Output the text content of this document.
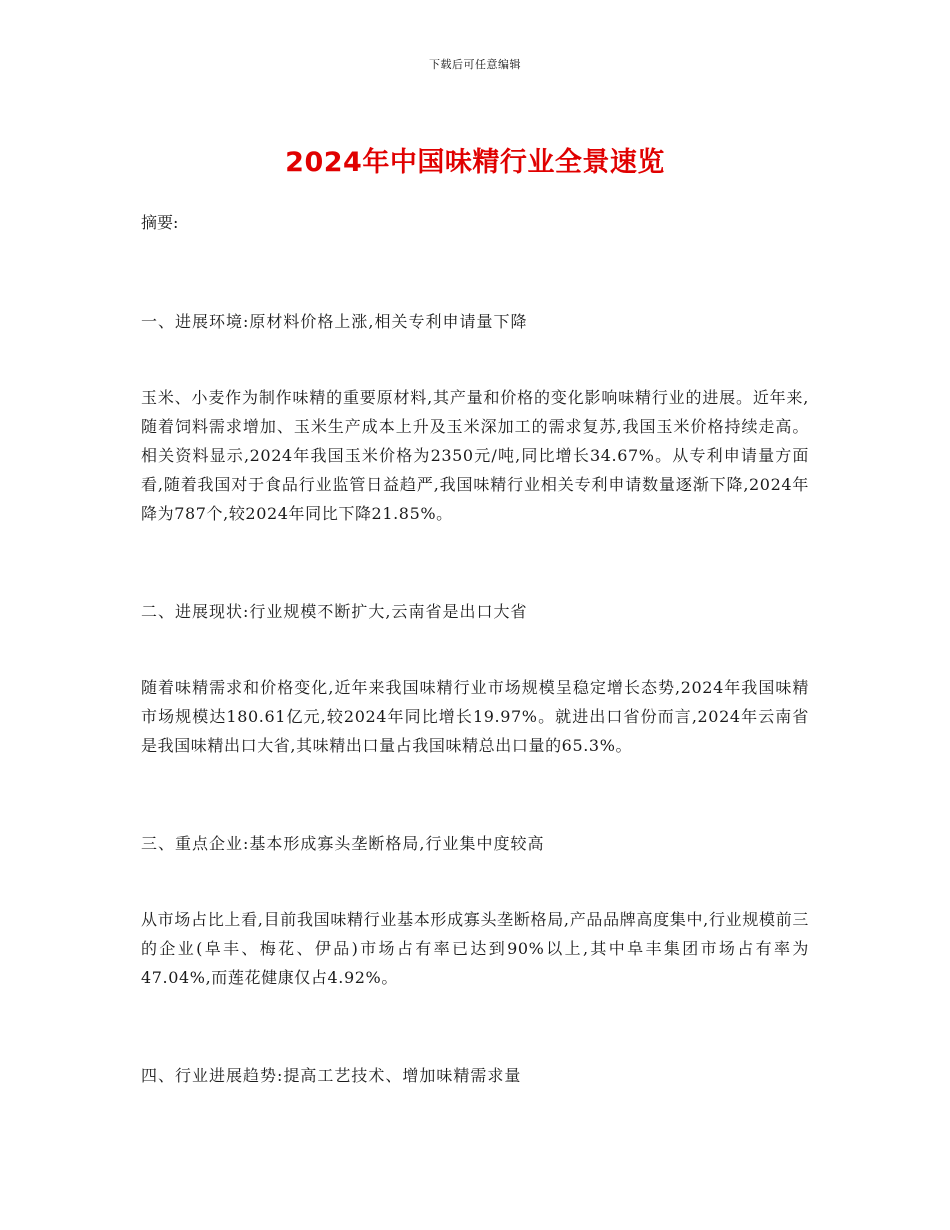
下载后可任意编辑
2024年中国味精行业全景速览

摘要:

一、进展环境:原材料价格上涨,相关专利申请量下降

玉米、小麦作为制作味精的重要原材料,其产量和价格的变化影响味精行业的进展。近年来,随着饲料需求增加、玉米生产成本上升及玉米深加工的需求复苏,我国玉米价格持续走高。相关资料显示,2024年我国玉米价格为2350元/吨,同比增长34.67%。从专利申请量方面看,随着我国对于食品行业监管日益趋严,我国味精行业相关专利申请数量逐渐下降,2024年降为787个,较2024年同比下降21.85%。

二、进展现状:行业规模不断扩大,云南省是出口大省

随着味精需求和价格变化,近年来我国味精行业市场规模呈稳定增长态势,2024年我国味精市场规模达180.61亿元,较2024年同比增长19.97%。就进出口省份而言,2024年云南省是我国味精出口大省,其味精出口量占我国味精总出口量的65.3%。

三、重点企业:基本形成寡头垄断格局,行业集中度较高

从市场占比上看,目前我国味精行业基本形成寡头垄断格局,产品品牌高度集中,行业规模前三的企业(阜丰、梅花、伊品)市场占有率已达到90%以上,其中阜丰集团市场占有率为47.04%,而莲花健康仅占4.92%。

四、行业进展趋势:提高工艺技术、增加味精需求量
